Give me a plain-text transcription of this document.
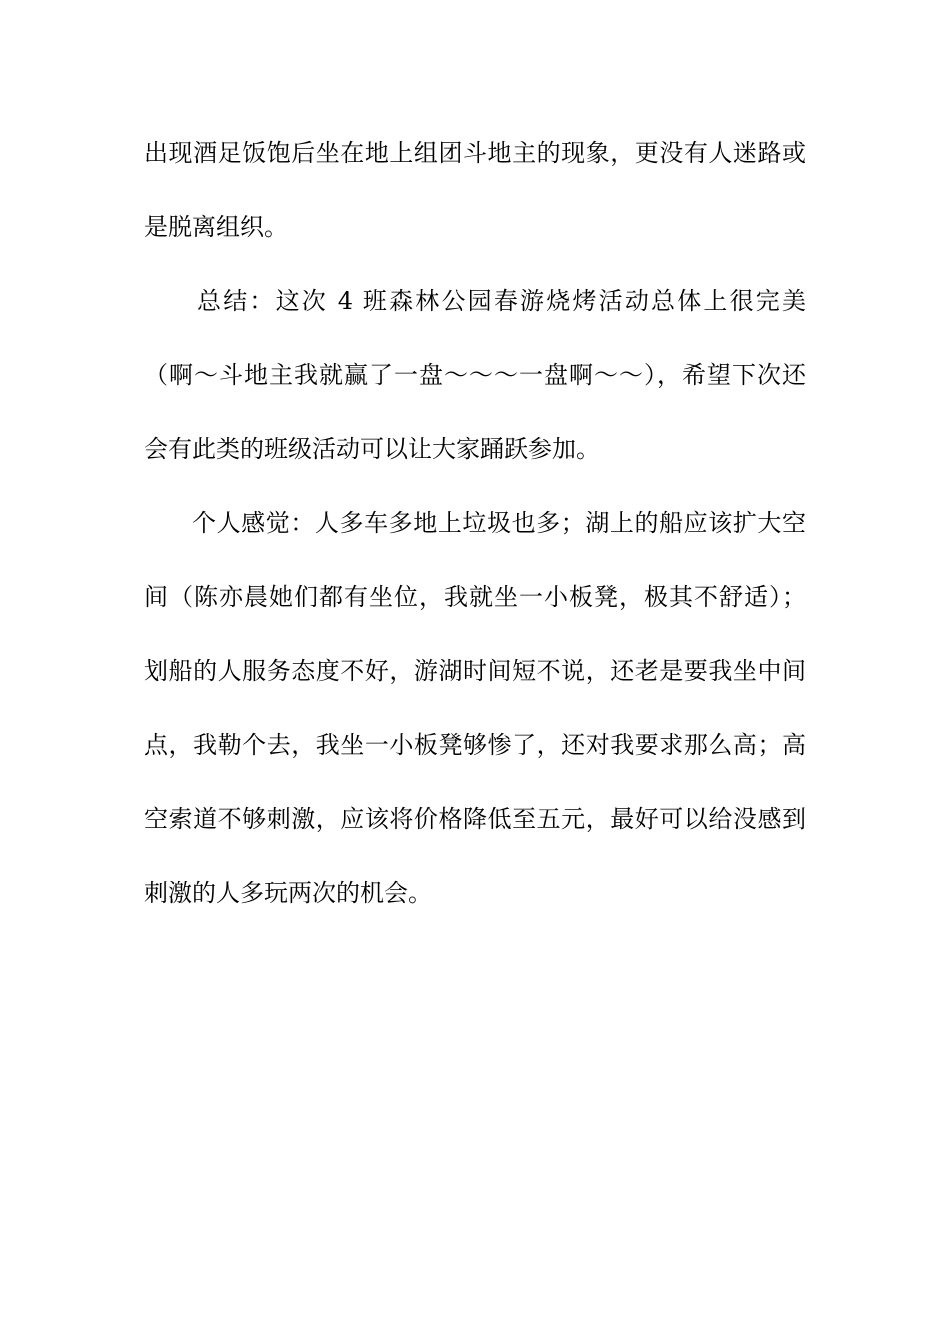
出现酒足饭饱后坐在地上组团斗地主的现象，更没有人迷路或
是脱离组织。
总结：这次 4 班森林公园春游烧烤活动总体上很完美
（啊～斗地主我就赢了一盘～～～一盘啊～～），希望下次还
会有此类的班级活动可以让大家踊跃参加。
个人感觉：人多车多地上垃圾也多；湖上的船应该扩大空
间（陈亦晨她们都有坐位，我就坐一小板凳，极其不舒适）；
划船的人服务态度不好，游湖时间短不说，还老是要我坐中间
点，我勒个去，我坐一小板凳够惨了，还对我要求那么高；高
空索道不够刺激，应该将价格降低至五元，最好可以给没感到
刺激的人多玩两次的机会。
